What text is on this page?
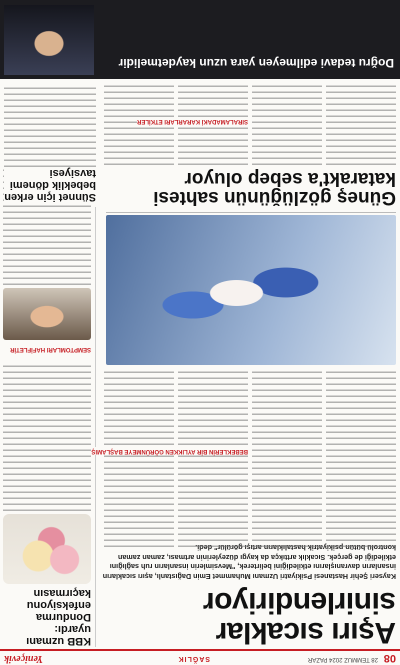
08
28 TEMMUZ 2024 PAZAR
SAĞLIK
Yeniçevik
Aşırı sıcaklar sinirlendiriyor
Kayseri Şehir Hastanesi Psikiyatri Uzmanı Muhammet Emin Dağıstanlı, aşırı sıcakların insanların davranışlarını etkilediğini belirterek, "Mevsimlerin insanların ruh sağlığını etkilediği de gerçek. Sıcaklık arttıkça da kaygı düzeylerinin artması, zaman zaman kontrolü bütün psikiyatrik hastalıkların artışı görülür" dedi.
KBB uzmanı uyardı: Dondurma enfeksiyonu kaçırmasın
SEMPTOMLARI HAFİFLETİR
BEBEKLERİN BİR AYLIKKEN GÖRÜNMEYE BAŞLAMIŞ
Güneş gözlüğünün sahtesi katarakt'a sebep oluyor
SIRALAMADAKİ KARARLARI ETKİLER
Sünnet için erken bebeklik dönemi tavsiyesi
Doğru tedavi edilmeyen yara uzun kaydetmelidir
